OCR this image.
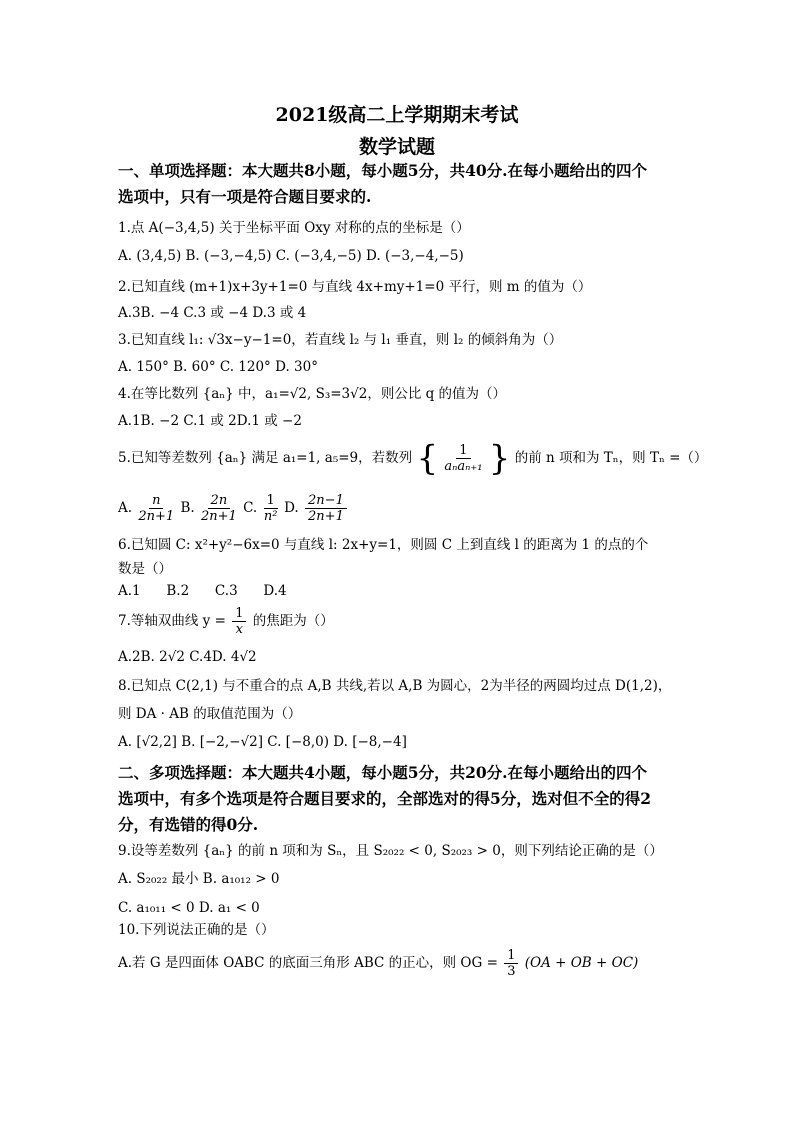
2021级高二上学期期末考试
数学试题
一、单项选择题：本大题共8小题，每小题5分，共40分.在每小题给出的四个
选项中，只有一项是符合题目要求的.
1.点 A(−3,4,5) 关于坐标平面 Oxy 对称的点的坐标是（）
A. (3,4,5) B. (−3,−4,5) C. (−3,4,−5) D. (−3,−4,−5)
2.已知直线 (m+1)x+3y+1=0 与直线 4x+my+1=0 平行，则 m 的值为（）
A.3B. −4 C.3 或 −4 D.3 或 4
3.已知直线 l₁: √3x−y−1=0，若直线 l₂ 与 l₁ 垂直，则 l₂ 的倾斜角为（）
A. 150° B. 60° C. 120° D. 30°
4.在等比数列 {aₙ} 中，a₁=√2, S₃=3√2，则公比 q 的值为（）
A.1B. −2 C.1 或 2D.1 或 −2
5.已知等差数列 {aₙ} 满足 a₁=1, a₅=9，若数列 { $\frac{1}{\text{aₙaₙ₊₁}}$ } 的前 n 项和为 Tₙ，则 Tₙ =（）
A. $\frac{n}{2n+1} B$. $\frac{2n}{2n+1} C$. $\frac{1}{\text{n²}} D$. $\frac{2n-1}{2n+1}$
6.已知圆 C: x²+y²−6x=0 与直线 l: 2x+y=1，则圆 C 上到直线 l 的距离为 1 的点的个
数是（）
A.1      B.2      C.3      D.4
7.等轴双曲线 $y = \frac{1}{x}$ 的焦距为（）
A.2B. 2√2 C.4D. 4√2
8.已知点 C(2,1) 与不重合的点 A,B 共线,若以 A,B 为圆心，2为半径的两圆均过点 D(1,2)，
则 DA · AB 的取值范围为（）
A. [√2,2] B. [−2,−√2] C. [−8,0) D. [−8,−4]
二、多项选择题：本大题共4小题，每小题5分，共20分.在每小题给出的四个
选项中，有多个选项是符合题目要求的，全部选对的得5分，选对但不全的得2
分，有选错的得0分.
9.设等差数列 {aₙ} 的前 n 项和为 Sₙ，且 S₂₀₂₂ < 0, S₂₀₂₃ > 0，则下列结论正确的是（）
A. S₂₀₂₂ 最小 B. a₁₀₁₂ > 0
C. a₁₀₁₁ < 0 D. a₁ < 0
10.下列说法正确的是（）
A.若 G 是四面体 OABC 的底面三角形 ABC 的正心，则 OG = $\frac{1}{3} (OA$ + OB + OC)
